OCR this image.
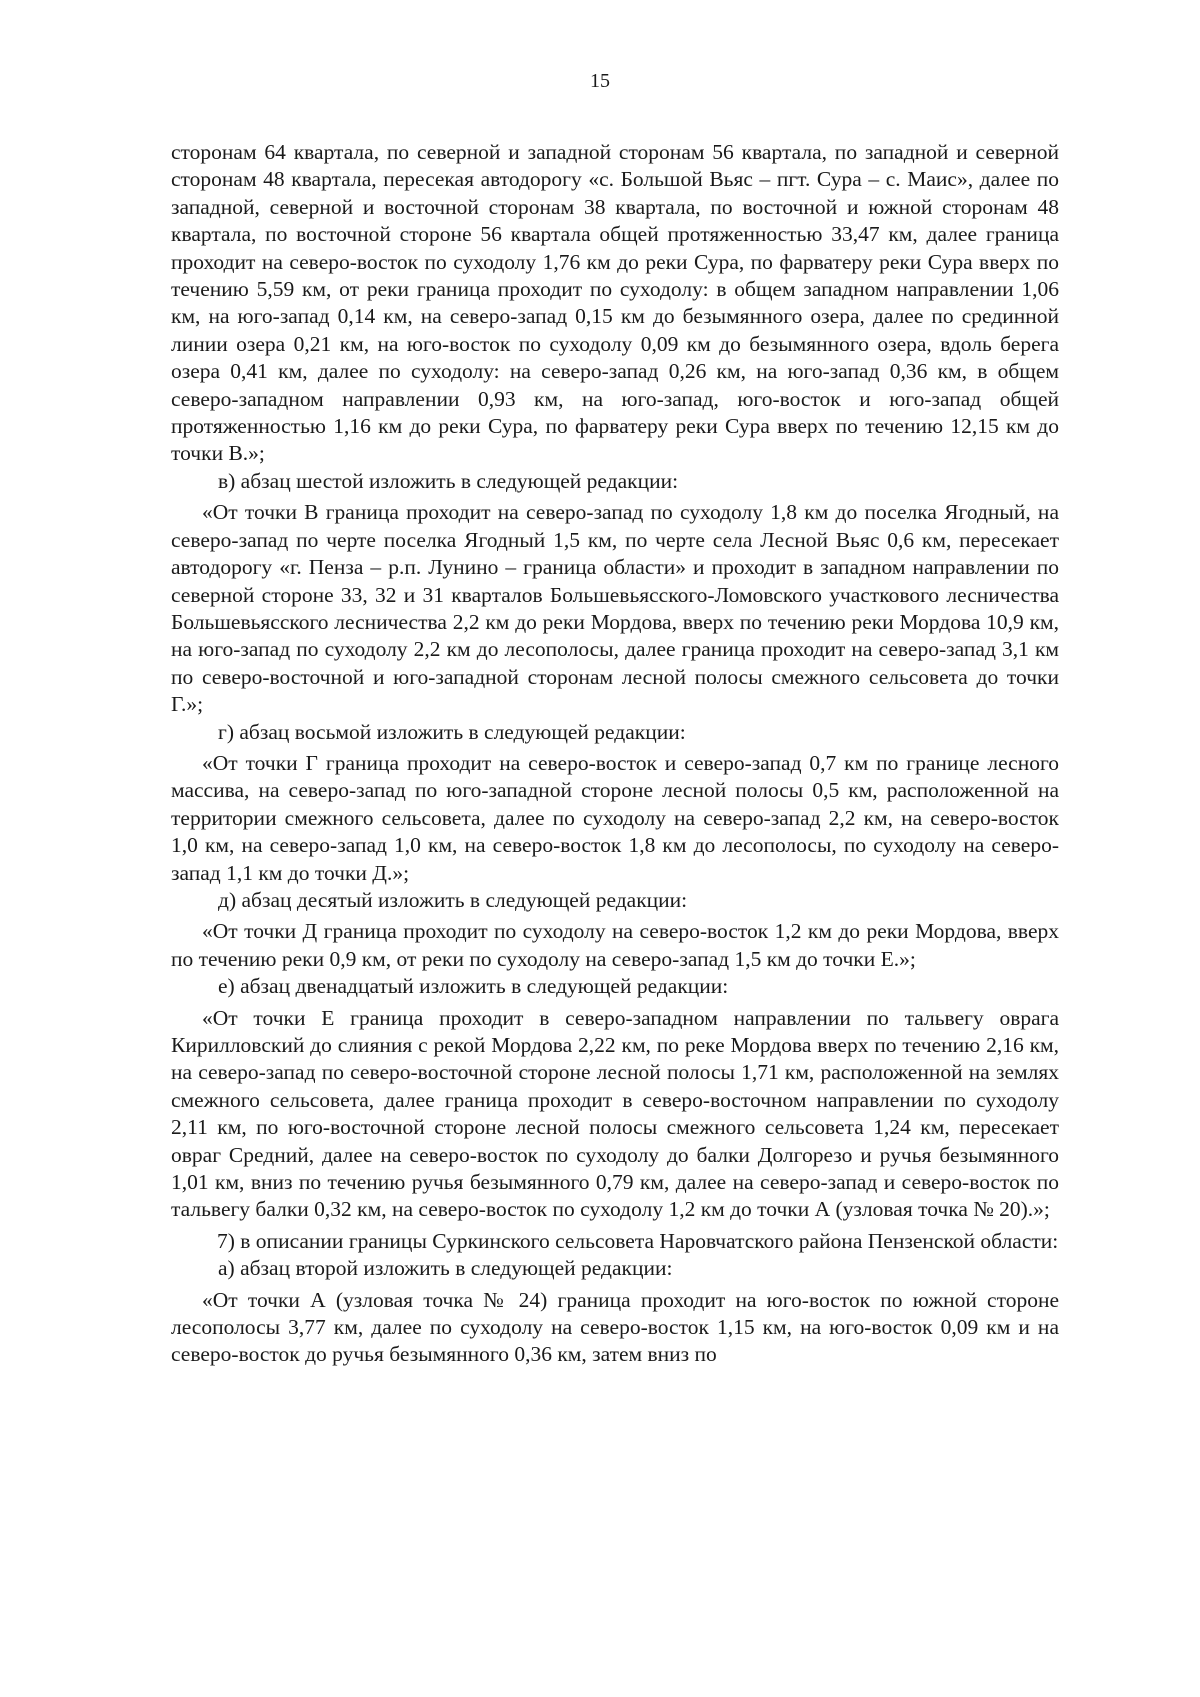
15

сторонам 64 квартала, по северной и западной сторонам 56 квартала, по западной и северной сторонам 48 квартала, пересекая автодорогу «с. Большой Вьяс – пгт. Сура – с. Маис», далее по западной, северной и восточной сторонам 38 квартала, по восточной и южной сторонам 48 квартала, по восточной стороне 56 квартала общей протяженностью 33,47 км, далее граница проходит на северо-восток по суходолу 1,76 км до реки Сура, по фарватеру реки Сура вверх по течению 5,59 км, от реки граница проходит по суходолу: в общем западном направлении 1,06 км, на юго-запад 0,14 км, на северо-запад 0,15 км до безымянного озера, далее по срединной линии озера 0,21 км, на юго-восток по суходолу 0,09 км до безымянного озера, вдоль берега озера 0,41 км, далее по суходолу: на северо-запад 0,26 км, на юго-запад 0,36 км, в общем северо-западном направлении 0,93 км, на юго-запад, юго-восток и юго-запад общей протяженностью 1,16 км до реки Сура, по фарватеру реки Сура вверх по течению 12,15 км до точки В.»;

в) абзац шестой изложить в следующей редакции:

«От точки В граница проходит на северо-запад по суходолу 1,8 км до поселка Ягодный, на северо-запад по черте поселка Ягодный 1,5 км, по черте села Лесной Вьяс 0,6 км, пересекает автодорогу «г. Пенза – р.п. Лунино – граница области» и проходит в западном направлении по северной стороне 33, 32 и 31 кварталов Большевьясского-Ломовского участкового лесничества Большевьясского лесничества 2,2 км до реки Мордова, вверх по течению реки Мордова 10,9 км, на юго-запад по суходолу 2,2 км до лесополосы, далее граница проходит на северо-запад 3,1 км по северо-восточной и юго-западной сторонам лесной полосы смежного сельсовета до точки Г.»;

г) абзац восьмой изложить в следующей редакции:

«От точки Г граница проходит на северо-восток и северо-запад 0,7 км по границе лесного массива, на северо-запад по юго-западной стороне лесной полосы 0,5 км, расположенной на территории смежного сельсовета, далее по суходолу на северо-запад 2,2 км, на северо-восток 1,0 км, на северо-запад 1,0 км, на северо-восток 1,8 км до лесополосы, по суходолу на северо-запад 1,1 км до точки Д.»;

д) абзац десятый изложить в следующей редакции:

«От точки Д граница проходит по суходолу на северо-восток 1,2 км до реки Мордова, вверх по течению реки 0,9 км, от реки по суходолу на северо-запад 1,5 км до точки Е.»;

е) абзац двенадцатый изложить в следующей редакции:

«От точки Е граница проходит в северо-западном направлении по тальвегу оврага Кирилловский до слияния с рекой Мордова 2,22 км, по реке Мордова вверх по течению 2,16 км, на северо-запад по северо-восточной стороне лесной полосы 1,71 км, расположенной на землях смежного сельсовета, далее граница проходит в северо-восточном направлении по суходолу 2,11 км, по юго-восточной стороне лесной полосы смежного сельсовета 1,24 км, пересекает овраг Средний, далее на северо-восток по суходолу до балки Долгорезо и ручья безымянного 1,01 км, вниз по течению ручья безымянного 0,79 км, далее на северо-запад и северо-восток по тальвегу балки 0,32 км, на северо-восток по суходолу 1,2 км до точки А (узловая точка № 20).»;

7) в описании границы Суркинского сельсовета Наровчатского района Пензенской области:

а) абзац второй изложить в следующей редакции:

«От точки А (узловая точка № 24) граница проходит на юго-восток по южной стороне лесополосы 3,77 км, далее по суходолу на северо-восток 1,15 км, на юго-восток 0,09 км и на северо-восток до ручья безымянного 0,36 км, затем вниз по
